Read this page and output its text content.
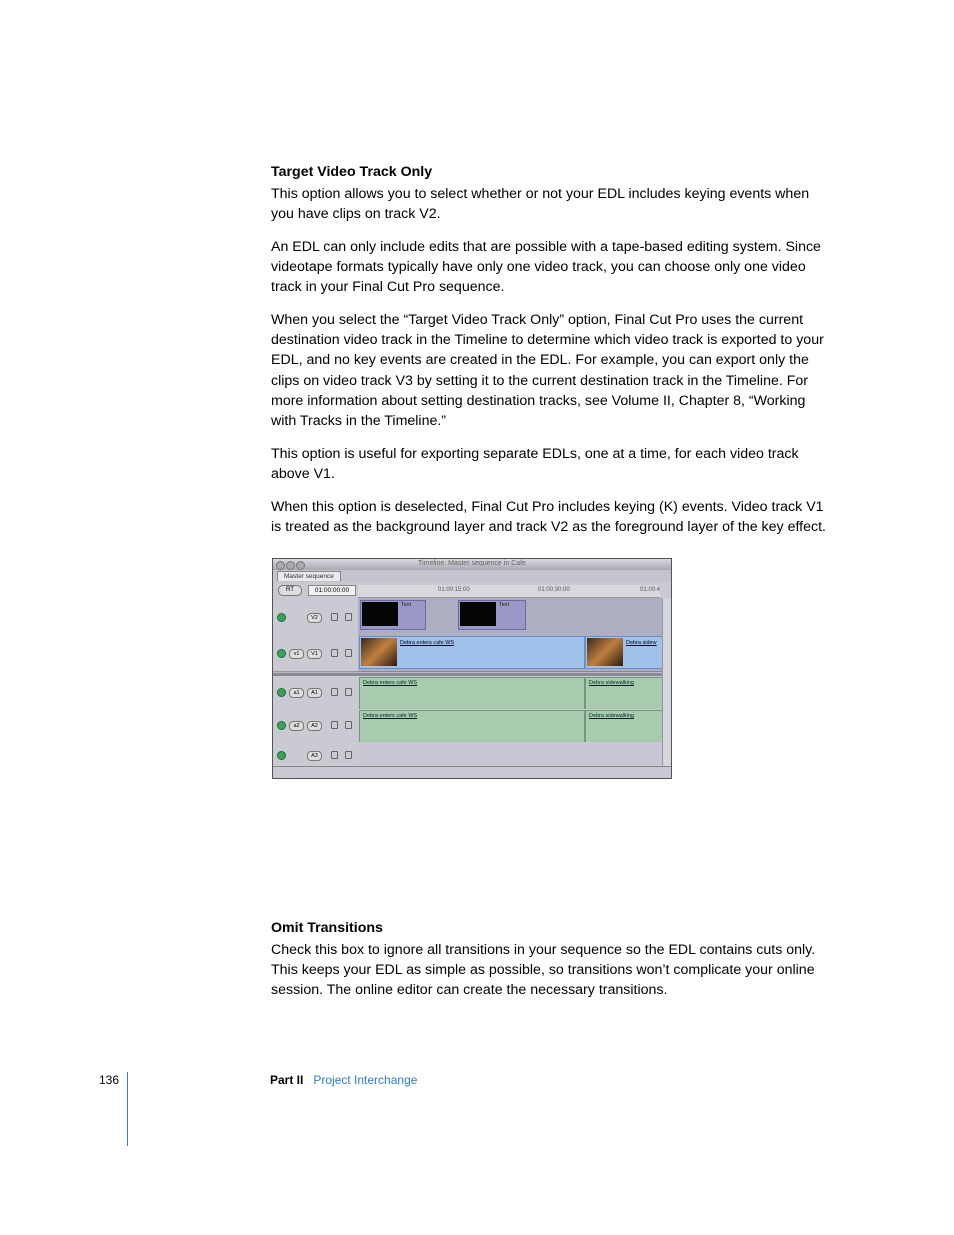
Target Video Track Only

This option allows you to select whether or not your EDL includes keying events when you have clips on track V2.

An EDL can only include edits that are possible with a tape-based editing system. Since videotape formats typically have only one video track, you can choose only one video track in your Final Cut Pro sequence.

When you select the “Target Video Track Only” option, Final Cut Pro uses the current destination video track in the Timeline to determine which video track is exported to your EDL, and no key events are created in the EDL. For example, you can export only the clips on video track V3 by setting it to the current destination track in the Timeline. For more information about setting destination tracks, see Volume II, Chapter 8, “Working with Tracks in the Timeline.”

This option is useful for exporting separate EDLs, one at a time, for each video track above V1.

When this option is deselected, Final Cut Pro includes keying (K) events. Video track V1 is treated as the background layer and track V2 as the foreground layer of the key effect.

Timeline: Master sequence in Cafe
Master sequence
RT	01:00:00:00	01:00:15:00	01:00:30:00	01:00:4
V2
Text	Text
v1	V1
Debra enters cafe WS	Debra sidew
a1	A1
Debra enters cafe WS	Debra sidewalking
a2	A2
Debra enters cafe WS	Debra sidewalking
A3

Omit Transitions

Check this box to ignore all transitions in your sequence so the EDL contains cuts only. This keeps your EDL as simple as possible, so transitions won’t complicate your online session. The online editor can create the necessary transitions.

136	Part II Project Interchange
